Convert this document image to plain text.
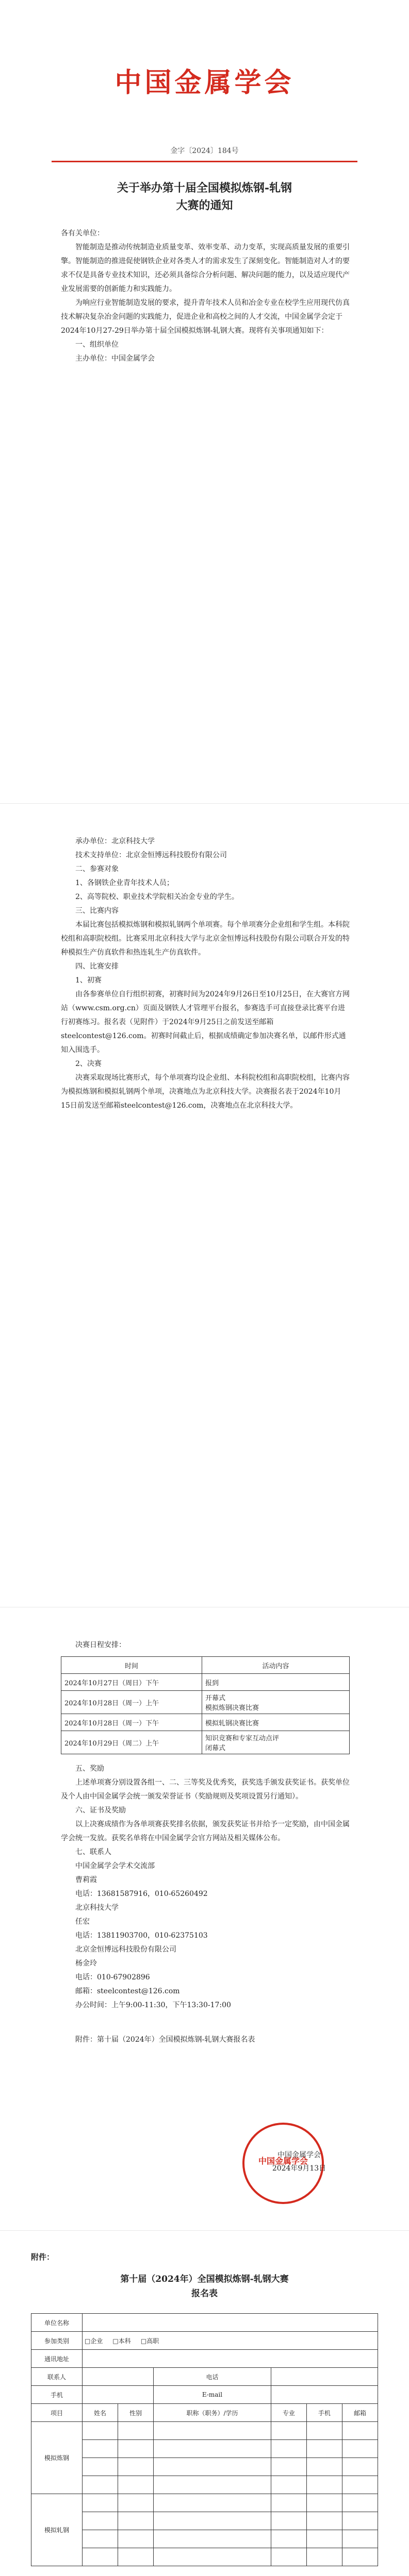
中国金属学会
金字〔2024〕184号
关于举办第十届全国模拟炼钢-轧钢
大赛的通知

各有关单位：

智能制造是推动传统制造业质量变革、效率变革、动力变革，实现高质量发展的重要引擎。智能制造的推进促使钢铁企业对各类人才的需求发生了深刻变化。智能制造对人才的要求不仅是具备专业技术知识，还必须具备综合分析问题、解决问题的能力，以及适应现代产业发展需要的创新能力和实践能力。

为响应行业智能制造发展的要求，提升青年技术人员和冶金专业在校学生应用现代仿真技术解决复杂冶金问题的实践能力，促进企业和高校之间的人才交流，中国金属学会定于2024年10月27-29日举办第十届全国模拟炼钢-轧钢大赛。现将有关事项通知如下：

一、组织单位

主办单位：中国金属学会

承办单位：北京科技大学

技术支持单位：北京金恒博远科技股份有限公司

二、参赛对象

1、各钢铁企业青年技术人员；

2、高等院校、职业技术学院相关冶金专业的学生。

三、比赛内容

本届比赛包括模拟炼钢和模拟轧钢两个单项赛。每个单项赛分企业组和学生组。本科院校组和高职院校组。比赛采用北京科技大学与北京金恒博远科技股份有限公司联合开发的特种模拟生产仿真软件和热连轧生产仿真软件。

四、比赛安排

1、初赛

由各参赛单位自行组织初赛，初赛时间为2024年9月26日至10月25日，在大赛官方网站（www.csm.org.cn）页面及钢铁人才管理平台报名，参赛选手可直接登录比赛平台进行初赛练习。报名表（见附件）于2024年9月25日之前发送至邮箱steelcontest@126.com。初赛时间截止后，根据成绩确定参加决赛名单，以邮件形式通知入围选手。

2、决赛

决赛采取现场比赛形式，每个单项赛均设企业组、本科院校组和高职院校组，比赛内容为模拟炼钢和模拟轧钢两个单项，决赛地点为北京科技大学。决赛报名表于2024年10月15日前发送至邮箱steelcontest@126.com，决赛地点在北京科技大学。

决赛日程安排：

时间	活动内容
2024年10月27日（周日）下午	报到
2024年10月28日（周一）上午	开幕式
模拟炼钢决赛比赛
2024年10月28日（周一）下午	模拟轧钢决赛比赛
2024年10月29日（周二）上午	知识竞赛和专家互动点评
闭幕式

五、奖励

上述单项赛分别设置各组一、二、三等奖及优秀奖，获奖选手颁发获奖证书。获奖单位及个人由中国金属学会统一颁发荣誉证书（奖励规则及奖项设置另行通知）。

六、证书及奖励

以上决赛成绩作为各单项赛获奖排名依据，颁发获奖证书并给予一定奖励，由中国金属学会统一发放。获奖名单将在中国金属学会官方网站及相关媒体公布。

七、联系人

中国金属学会学术交流部

曹莉霞

电话：13681587916，010-65260492

北京科技大学

任宏

电话：13811903700，010-62375103

北京金恒博远科技股份有限公司

杨金玲

电话：010-67902896

邮箱：steelcontest@126.com

办公时间：上午9:00-11:30，下午13:30-17:00

附件：第十届（2024年）全国模拟炼钢-轧钢大赛报名表

中国金属学会
中国金属学会
2024年9月13日
附件：
第十届（2024年）全国模拟炼钢-轧钢大赛
报名表
单位名称						
参加类别	□企业 □本科 □高职					
通讯地址						
联系人			电话			
手机			E-mail			
项目	姓名	性别	职称（职务）/学历	专业	手机	邮箱
模拟炼钢						

模拟轧钢						
